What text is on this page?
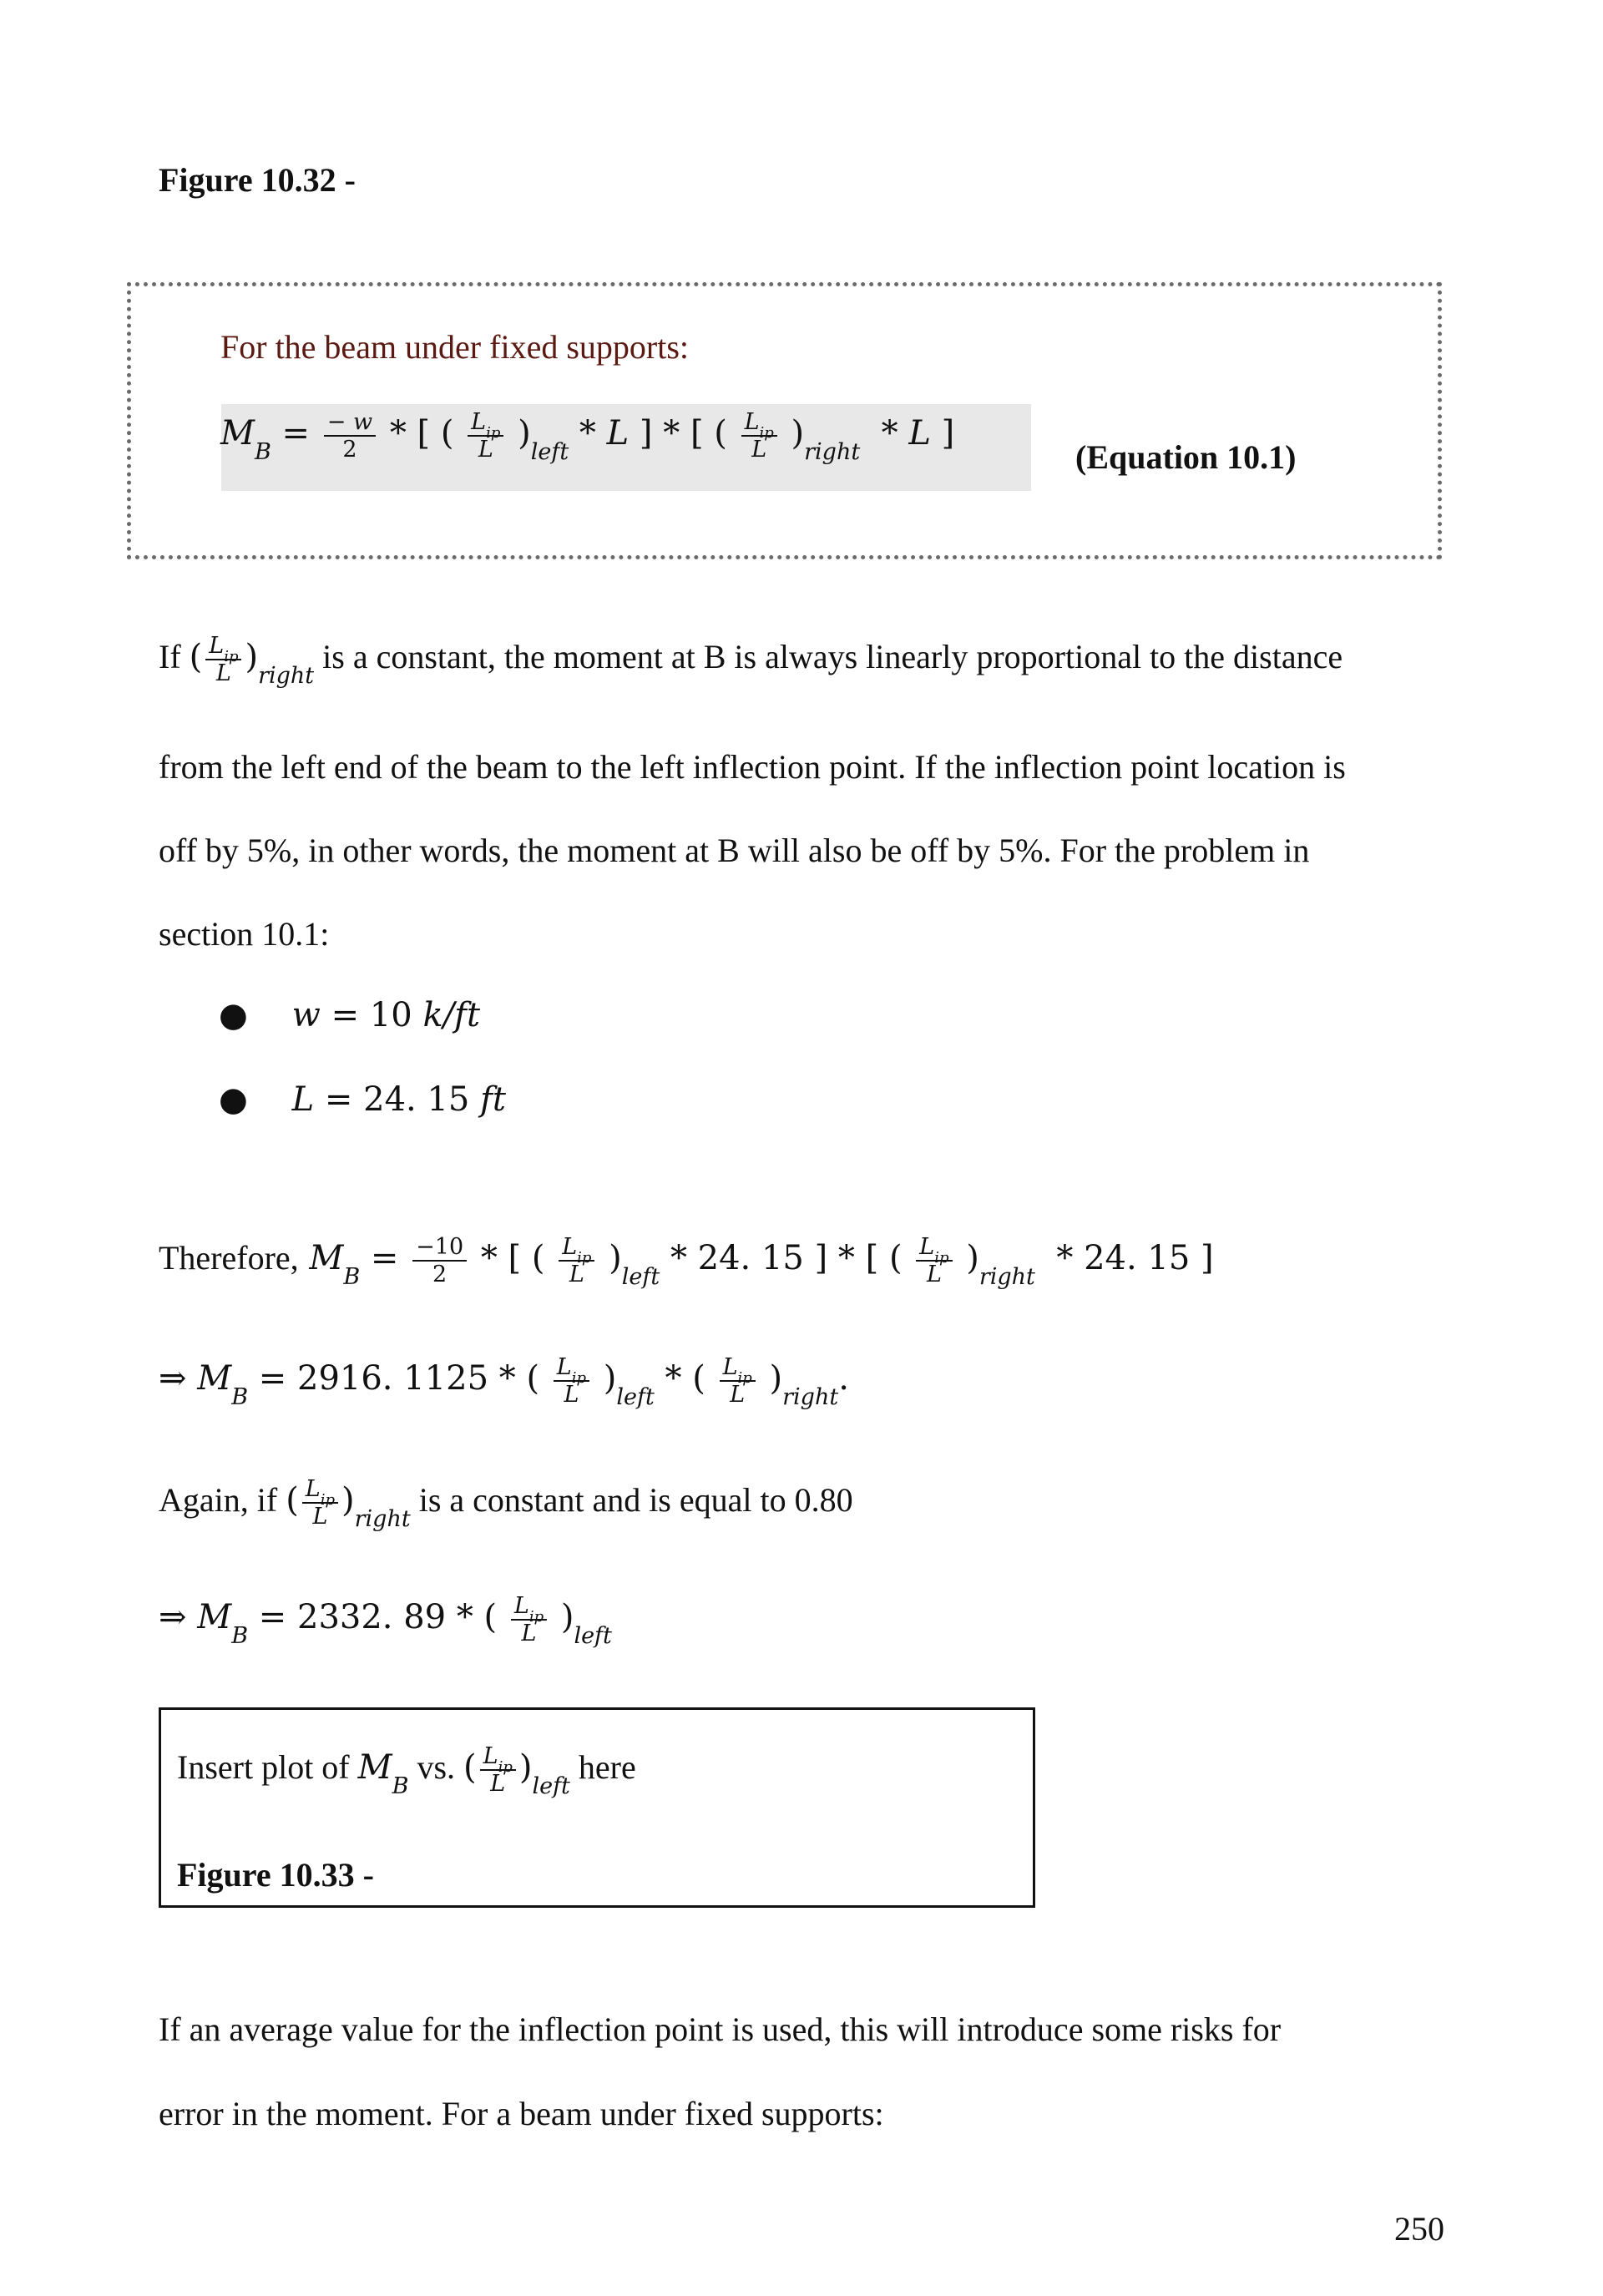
Figure 10.32 -
For the beam under fixed supports:
$M_B = \frac{- w}{2}$ * [ ( $\frac{L_{ip}}{L} )_{left}$ * L ] * [ ( $\frac{L_{ip}}{L} )_{right}$  * L ]
(Equation 10.1)
If ( $\frac{L_{ip}}{L} )_{right}$ is a constant, the moment at B is always linearly proportional to the distance
from the left end of the beam to the left inflection point. If the inflection point location is
off by 5%, in other words, the moment at B will also be off by 5%. For the problem in
section 10.1:
● w = 10 k/ft
● L = 24. 15 ft
Therefore, $M_B = \frac{-10}{2}$ * [ ( $\frac{L_{ip}}{L} )_{left} * 24$. 15 ] * [ ( $\frac{L_{ip}}{L} )_{right} * 24$. 15 ]
⇒ $M_B = 2916$. 1125 * ( $\frac{L_{ip}}{L} )_{left}$ * ( $\frac{L_{ip}}{L} )_{right}$.
Again, if ( $\frac{L_{ip}}{L} )_{right}$ is a constant and is equal to 0.80
⇒ $M_B = 2332$. 89 * ( $\frac{L_{ip}}{L} )_{left}$
Insert plot of $M_B$ vs. ( $\frac{L_{ip}}{L} )_{left}$ here
Figure 10.33 -
If an average value for the inflection point is used, this will introduce some risks for
error in the moment. For a beam under fixed supports:
250
